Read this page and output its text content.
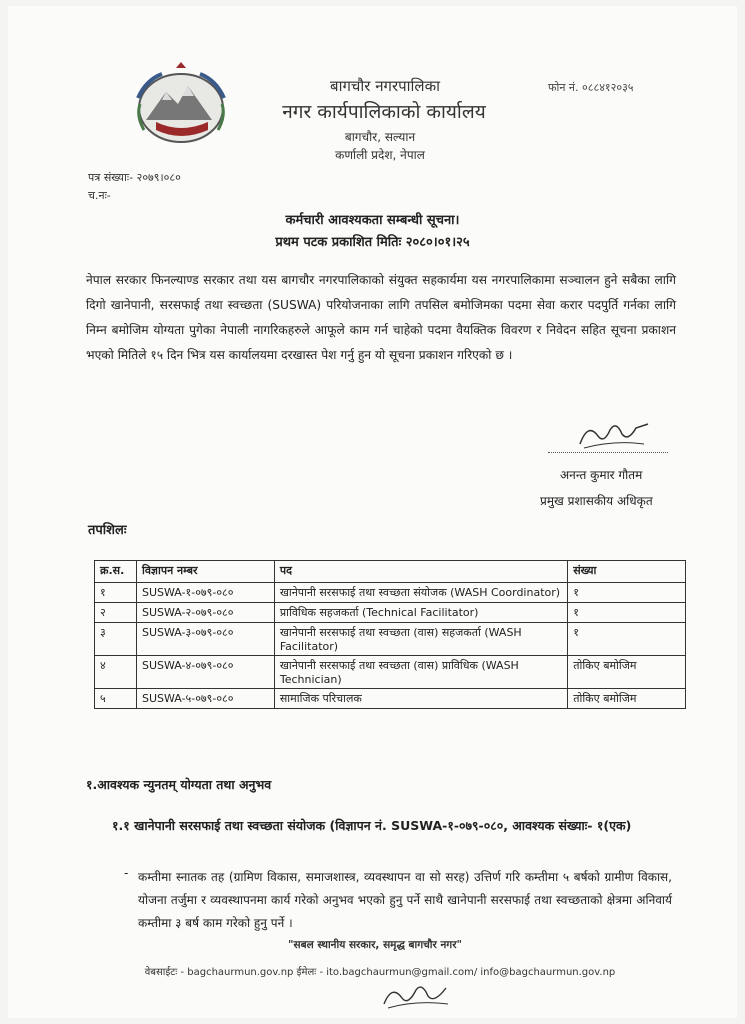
बागचौर नगरपालिका
नगर कार्यपालिकाको कार्यालय
बागचौर, सल्यान
कर्णाली प्रदेश, नेपाल
फोन नं. ०८८४१२०३५
पत्र संख्याः- २०७९।०८०
च.नः-
कर्मचारी आवश्यकता सम्बन्धी सूचना।
प्रथम पटक प्रकाशित मितिः २०८०।०१।२५
नेपाल सरकार फिनल्याण्ड सरकार तथा यस बागचौर नगरपालिकाको संयुक्त सहकार्यमा यस नगरपालिकामा सञ्चालन हुने सबैका लागि दिगो खानेपानी, सरसफाई तथा स्वच्छता (SUSWA) परियोजनाका लागि तपसिल बमोजिमका पदमा सेवा करार पदपुर्ति गर्नका लागि निम्न बमोजिम योग्यता पुगेका नेपाली नागरिकहरुले आफूले काम गर्न चाहेको पदमा वैयक्तिक विवरण र निवेदन सहित सूचना प्रकाशन भएको मितिले १५ दिन भित्र यस कार्यालयमा दरखास्त पेश गर्नु हुन यो सूचना प्रकाशन गरिएको छ ।
अनन्त कुमार गौतम
प्रमुख प्रशासकीय अधिकृत
तपशिलः
क्र.स.	विज्ञापन नम्बर	पद	संख्या
१	SUSWA-१-०७९-०८०	खानेपानी सरसफाई तथा स्वच्छता संयोजक (WASH Coordinator)	१
२	SUSWA-२-०७९-०८०	प्राविधिक सहजकर्ता (Technical Facilitator)	१
३	SUSWA-३-०७९-०८०	खानेपानी सरसफाई तथा स्वच्छता (वास) सहजकर्ता (WASH Facilitator)	१
४	SUSWA-४-०७९-०८०	खानेपानी सरसफाई तथा स्वच्छता (वास) प्राविधिक (WASH Technician)	तोकिए बमोजिम
५	SUSWA-५-०७९-०८०	सामाजिक परिचालक	तोकिए बमोजिम
१.आवश्यक न्युनतम् योग्यता तथा अनुभव
१.१ खानेपानी सरसफाई तथा स्वच्छता संयोजक (विज्ञापन नं. SUSWA-१-०७९-०८०, आवश्यक संख्याः- १(एक)
- कम्तीमा स्नातक तह (ग्रामिण विकास, समाजशास्त्र, व्यवस्थापन वा सो सरह) उत्तिर्ण गरि कम्तीमा ५ बर्षको ग्रामीण विकास, योजना तर्जुमा र व्यवस्थापनमा कार्य गरेको अनुभव भएको हुनु पर्ने साथै खानेपानी सरसफाई तथा स्वच्छताको क्षेत्रमा अनिवार्य कम्तीमा ३ बर्ष काम गरेको हुनु पर्ने ।
"सबल स्थानीय सरकार, समृद्ध बागचौर नगर"
वेबसाईटः - bagchaurmun.gov.np ईमेलः - ito.bagchaurmun@gmail.com/ info@bagchaurmun.gov.np
